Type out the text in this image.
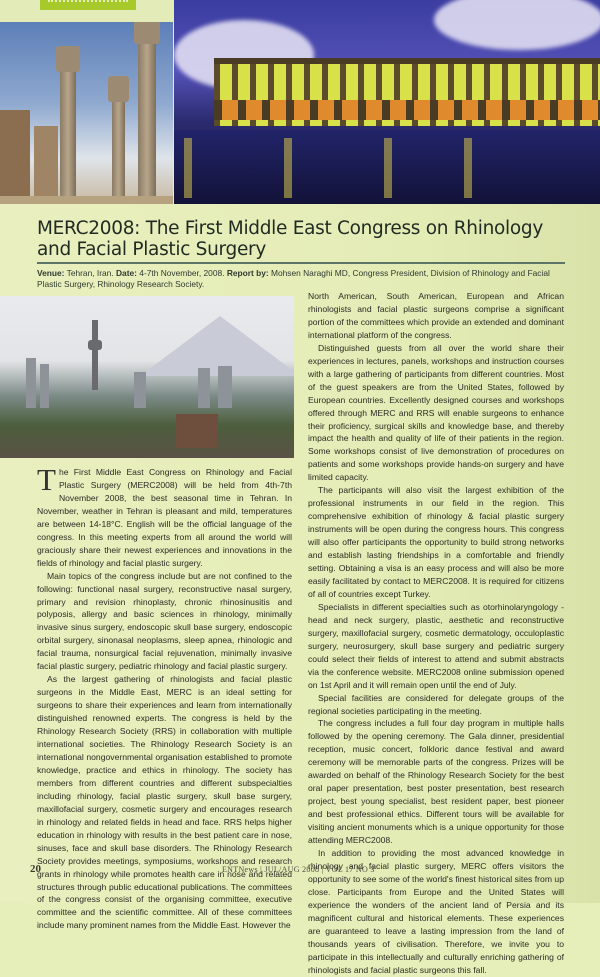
MERC2008: The First Middle East Congress on Rhinology and Facial Plastic Surgery
Venue: Tehran, Iran. Date: 4-7th November, 2008. Report by: Mohsen Naraghi MD, Congress President, Division of Rhinology and Facial Plastic Surgery, Rhinology Research Society.

The First Middle East Congress on Rhinology and Facial Plastic Surgery (MERC2008) will be held from 4th-7th November 2008, the best seasonal time in Tehran. In November, weather in Tehran is pleasant and mild, temperatures are between 14-18°C. English will be the official language of the congress. In this meeting experts from all around the world will graciously share their newest experiences and innovations in the fields of rhinology and facial plastic surgery.

Main topics of the congress include but are not confined to the following: functional nasal surgery, reconstructive nasal surgery, primary and revision rhinoplasty, chronic rhinosinusitis and polyposis, allergy and basic sciences in rhinology, minimally invasive sinus surgery, endoscopic skull base surgery, endoscopic orbital surgery, sinonasal neoplasms, sleep apnea, rhinologic and facial trauma, nonsurgical facial rejuvenation, minimally invasive facial plastic surgery, pediatric rhinology and facial plastic surgery.

As the largest gathering of rhinologists and facial plastic surgeons in the Middle East, MERC is an ideal setting for surgeons to share their experiences and learn from internationally distinguished renowned experts. The congress is held by the Rhinology Research Society (RRS) in collaboration with multiple international societies. The Rhinology Research Society is an international nongovernmental organisation established to promote knowledge, practice and ethics in rhinology. The society has members from different countries and different subspecialties including rhinology, facial plastic surgery, skull base surgery, maxillofacial surgery, cosmetic surgery and encourages research in rhinology and related fields in head and face. RRS helps higher education in rhinology with results in the best patient care in nose, sinuses, face and skull base disorders. The Rhinology Research Society provides meetings, symposiums, workshops and research grants in rhinology while promotes health care in nose and related structures through public educational publications. The committees of the congress consist of the organising committee, executive committee and the scientific committee. All of these committees include many prominent names from the Middle East. However the

North American, South American, European and African rhinologists and facial plastic surgeons comprise a significant portion of the committees which provide an extended and dominant international platform of the congress.

Distinguished guests from all over the world share their experiences in lectures, panels, workshops and instruction courses with a large gathering of participants from different countries. Most of the guest speakers are from the United States, followed by European countries. Excellently designed courses and workshops offered through MERC and RRS will enable surgeons to enhance their proficiency, surgical skills and knowledge base, and thereby impact the health and quality of life of their patients in the region. Some workshops consist of live demonstration of procedures on patients and some workshops provide hands-on surgery and have limited capacity.

The participants will also visit the largest exhibition of the professional instruments in our field in the region. This comprehensive exhibition of rhinology & facial plastic surgery instruments will be open during the congress hours. This congress will also offer participants the opportunity to build strong networks and establish lasting friendships in a comfortable and friendly setting. Obtaining a visa is an easy process and will also be more easily facilitated by contact to MERC2008. It is required for citizens of all of countries except Turkey.

Specialists in different specialties such as otorhinolaryngology - head and neck surgery, plastic, aesthetic and reconstructive surgery, maxillofacial surgery, cosmetic dermatology, occuloplastic surgery, neurosurgery, skull base surgery and pediatric surgery could select their fields of interest to attend and submit abstracts via the conference website. MERC2008 online submission opened on 1st April and it will remain open until the end of July.

Special facilities are considered for delegate groups of the regional societies participating in the meeting.

The congress includes a full four day program in multiple halls followed by the opening ceremony. The Gala dinner, presidential reception, music concert, folkloric dance festival and award ceremony will be memorable parts of the congress. Prizes will be awarded on behalf of the Rhinology Research Society for the best oral paper presentation, best poster presentation, best research project, best young specialist, best resident paper, best pioneer and best professional ethics. Different tours will be available for visiting ancient monuments which is a unique opportunity for those attending MERC2008.

In addition to providing the most advanced knowledge in rhinology and facial plastic surgery, MERC offers visitors the opportunity to see some of the world's finest historical sites from up close. Participants from Europe and the United States will experience the wonders of the ancient land of Persia and its magnificent cultural and historical elements. These experiences are guaranteed to leave a lasting impression from the land of thousands years of civilisation. Therefore, we invite you to participate in this intellectually and culturally enriching gathering of rhinologists and facial plastic surgeons this fall.

20	ENTNews | JUL/AUG 2008 | VOL 17 NO 3
